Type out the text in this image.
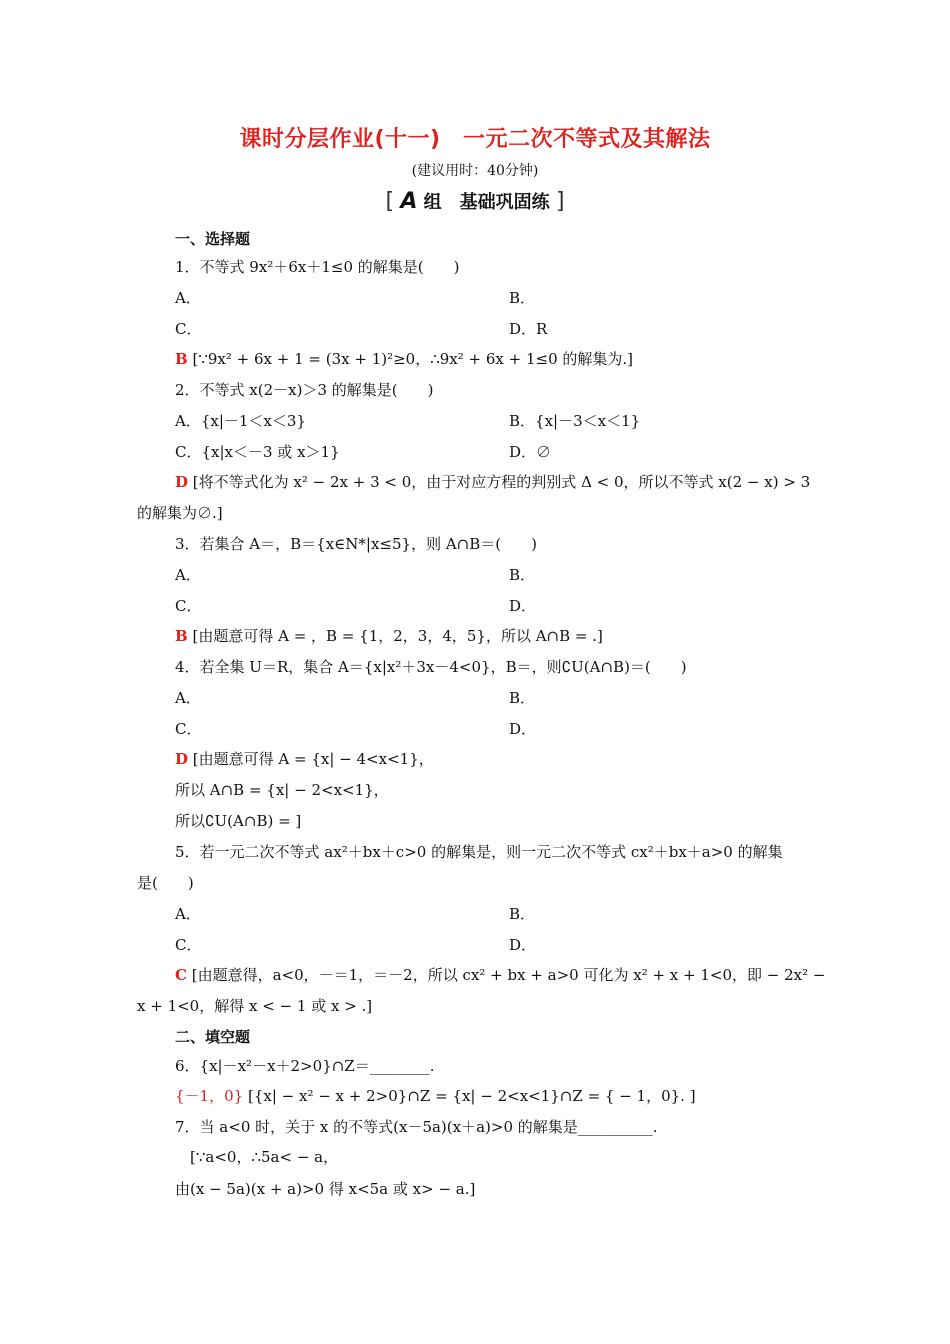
课时分层作业(十一)　一元二次不等式及其解法
(建议用时：40分钟)
[ A 组　基础巩固练 ]
一、选择题
1．不等式 9x²＋6x＋1≤0 的解集是(　　)
A．	B．
C．	D．R
B [∵9x² + 6x + 1 = (3x + 1)²≥0，∴9x² + 6x + 1≤0 的解集为.]
2．不等式 x(2－x)＞3 的解集是(　　)
A．{x|－1＜x＜3}	B．{x|－3＜x＜1}
C．{x|x＜－3 或 x＞1}	D．∅
D [将不等式化为 x² − 2x + 3 < 0，由于对应方程的判别式 Δ < 0，所以不等式 x(2 − x) > 3
的解集为∅.]
3．若集合 A＝，B＝{x∈N*|x≤5}，则 A∩B＝(　　)
A．	B．
C．	D．
B [由题意可得 A = ，B = {1，2，3，4，5}，所以 A∩B = .]
4．若全集 U＝R，集合 A＝{x|x²＋3x－4<0}，B＝，则∁U(A∩B)＝(　　)
A．	B．
C．	D．
D [由题意可得 A = {x| − 4<x<1}，
所以 A∩B = {x| − 2<x<1}，
所以∁U(A∩B) = ]
5．若一元二次不等式 ax²＋bx＋c>0 的解集是，则一元二次不等式 cx²＋bx＋a>0 的解集
是(　　)
A．	B．
C．	D．
C [由题意得，a<0，－＝1，＝－2，所以 cx² + bx + a>0 可化为 x² + x + 1<0，即 − 2x² −
x + 1<0，解得 x < − 1 或 x > .]
二、填空题
6．{x|－x²－x＋2>0}∩Z＝________.
{－1，0} [{x| − x² − x + 2>0}∩Z = {x| − 2<x<1}∩Z = { − 1，0}. ]
7．当 a<0 时，关于 x 的不等式(x－5a)(x＋a)>0 的解集是__________.
[∵a<0，∴5a< − a，
由(x − 5a)(x + a)>0 得 x<5a 或 x> − a.]
